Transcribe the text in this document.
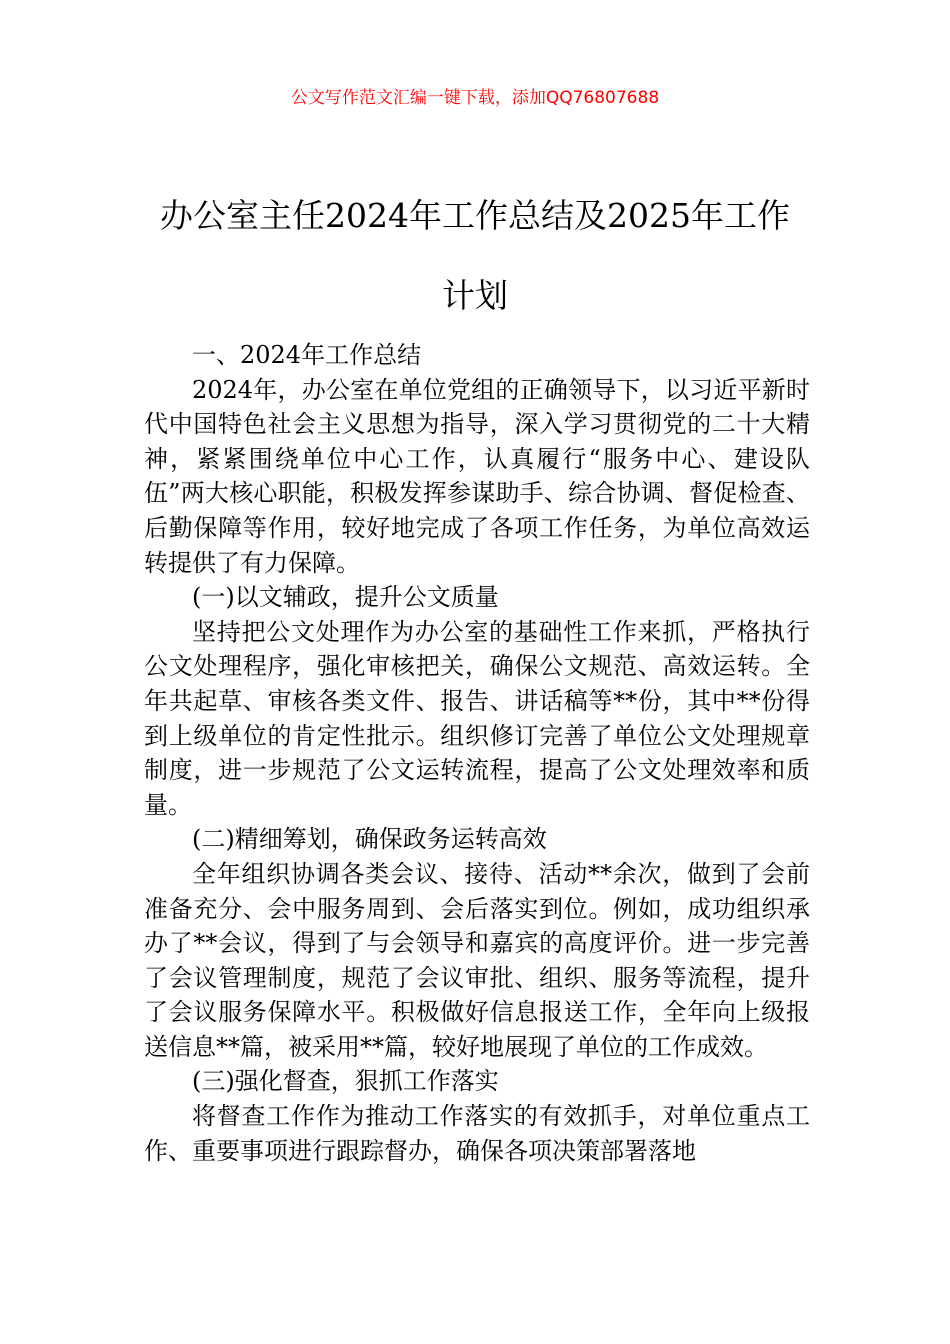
公文写作范文汇编一键下载，添加QQ76807688
办公室主任2024年工作总结及2025年工作
计划

一、2024年工作总结

2024年，办公室在单位党组的正确领导下，以习近平新时代中国特色社会主义思想为指导，深入学习贯彻党的二十大精神，紧紧围绕单位中心工作，认真履行“服务中心、建设队伍”两大核心职能，积极发挥参谋助手、综合协调、督促检查、后勤保障等作用，较好地完成了各项工作任务，为单位高效运转提供了有力保障。

(一)以文辅政，提升公文质量

坚持把公文处理作为办公室的基础性工作来抓，严格执行公文处理程序，强化审核把关，确保公文规范、高效运转。全年共起草、审核各类文件、报告、讲话稿等**份，其中**份得到上级单位的肯定性批示。组织修订完善了单位公文处理规章制度，进一步规范了公文运转流程，提高了公文处理效率和质量。

(二)精细筹划，确保政务运转高效

全年组织协调各类会议、接待、活动**余次，做到了会前准备充分、会中服务周到、会后落实到位。例如，成功组织承办了**会议，得到了与会领导和嘉宾的高度评价。进一步完善了会议管理制度，规范了会议审批、组织、服务等流程，提升了会议服务保障水平。积极做好信息报送工作，全年向上级报送信息**篇，被采用**篇，较好地展现了单位的工作成效。

(三)强化督查，狠抓工作落实

将督查工作作为推动工作落实的有效抓手，对单位重点工作、重要事项进行跟踪督办，确保各项决策部署落地
